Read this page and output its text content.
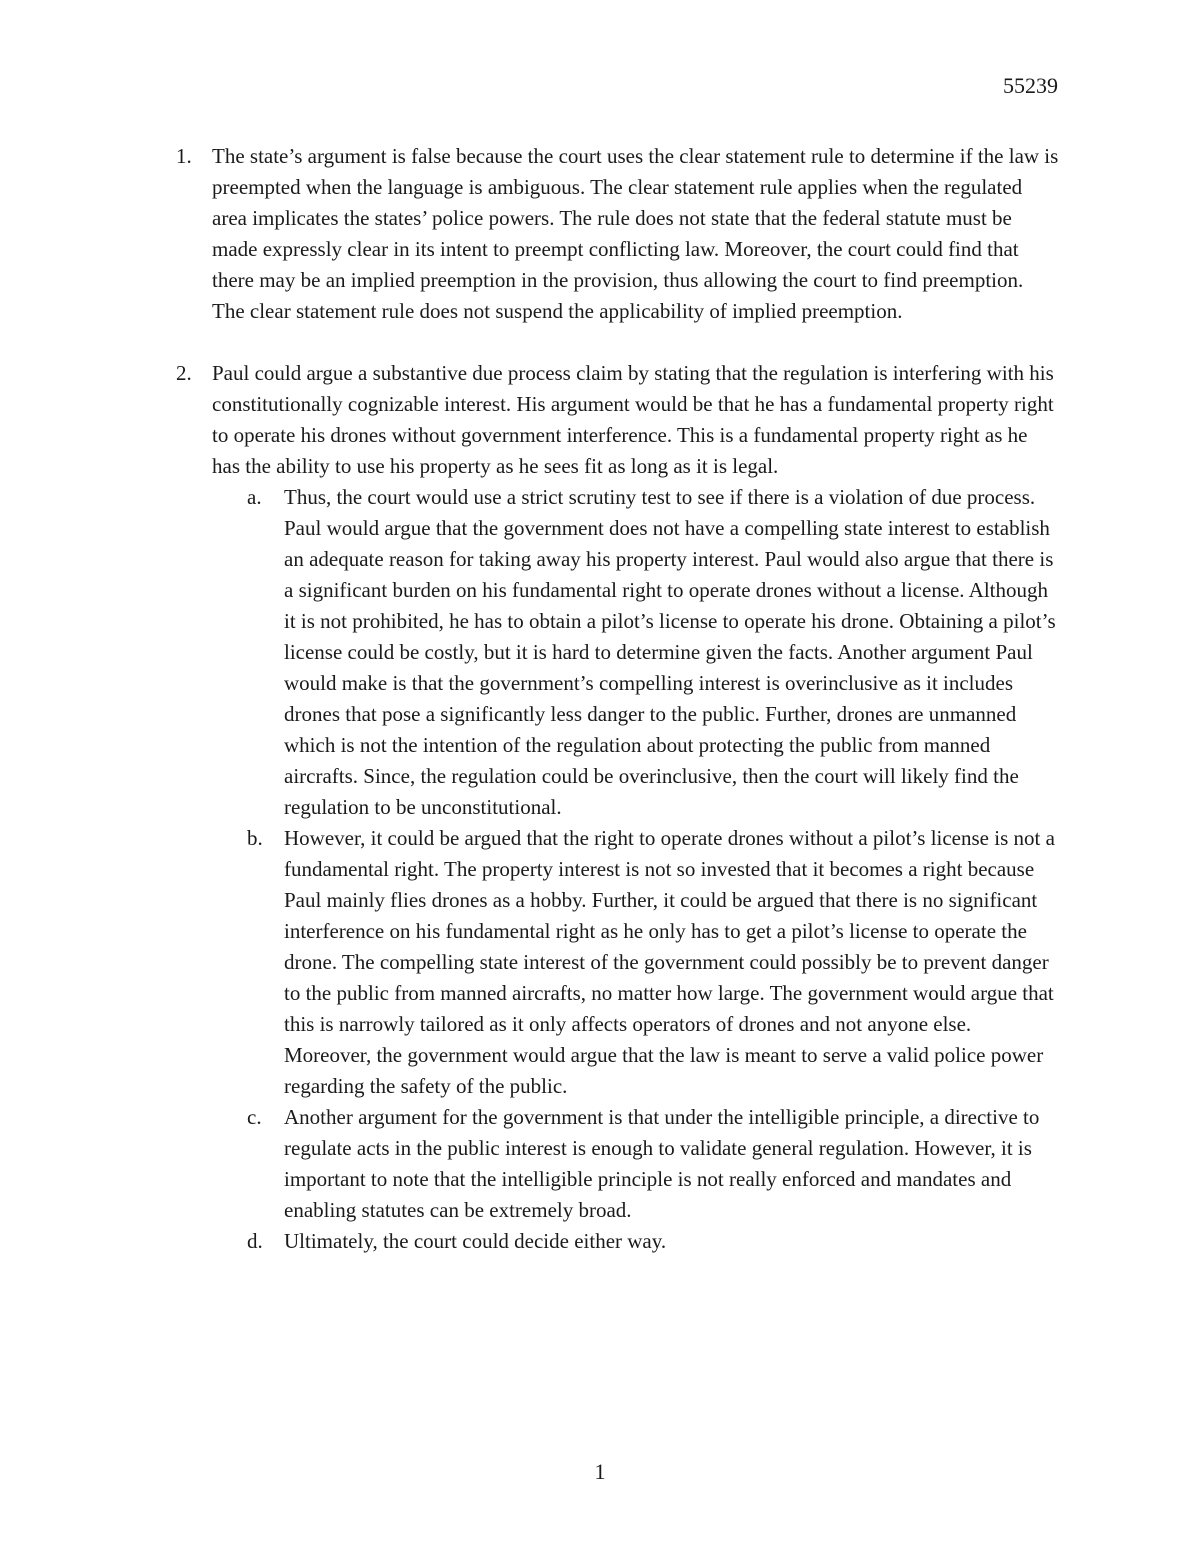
55239
1. The state’s argument is false because the court uses the clear statement rule to determine if the law is preempted when the language is ambiguous. The clear statement rule applies when the regulated area implicates the states’ police powers. The rule does not state that the federal statute must be made expressly clear in its intent to preempt conflicting law. Moreover, the court could find that there may be an implied preemption in the provision, thus allowing the court to find preemption. The clear statement rule does not suspend the applicability of implied preemption.
2. Paul could argue a substantive due process claim by stating that the regulation is interfering with his constitutionally cognizable interest. His argument would be that he has a fundamental property right to operate his drones without government interference. This is a fundamental property right as he has the ability to use his property as he sees fit as long as it is legal.
a. Thus, the court would use a strict scrutiny test to see if there is a violation of due process. Paul would argue that the government does not have a compelling state interest to establish an adequate reason for taking away his property interest. Paul would also argue that there is a significant burden on his fundamental right to operate drones without a license. Although it is not prohibited, he has to obtain a pilot’s license to operate his drone. Obtaining a pilot’s license could be costly, but it is hard to determine given the facts. Another argument Paul would make is that the government’s compelling interest is overinclusive as it includes drones that pose a significantly less danger to the public. Further, drones are unmanned which is not the intention of the regulation about protecting the public from manned aircrafts. Since, the regulation could be overinclusive, then the court will likely find the regulation to be unconstitutional.
b. However, it could be argued that the right to operate drones without a pilot’s license is not a fundamental right. The property interest is not so invested that it becomes a right because Paul mainly flies drones as a hobby. Further, it could be argued that there is no significant interference on his fundamental right as he only has to get a pilot’s license to operate the drone. The compelling state interest of the government could possibly be to prevent danger to the public from manned aircrafts, no matter how large. The government would argue that this is narrowly tailored as it only affects operators of drones and not anyone else. Moreover, the government would argue that the law is meant to serve a valid police power regarding the safety of the public.
c. Another argument for the government is that under the intelligible principle, a directive to regulate acts in the public interest is enough to validate general regulation. However, it is important to note that the intelligible principle is not really enforced and mandates and enabling statutes can be extremely broad.
d. Ultimately, the court could decide either way.
1
